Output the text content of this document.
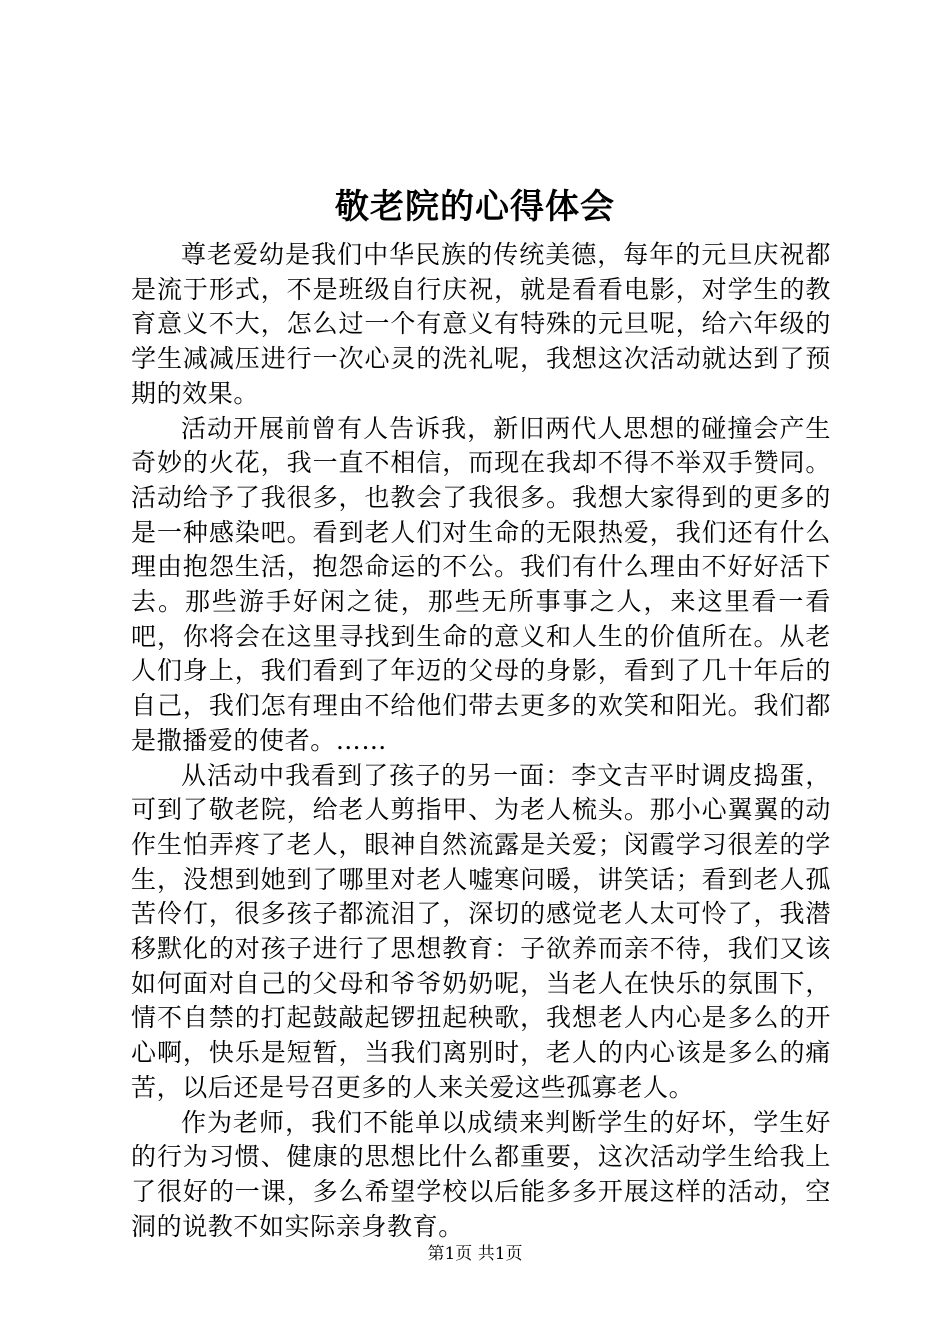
敬老院的心得体会

尊老爱幼是我们中华民族的传统美德，每年的元旦庆祝都是流于形式，不是班级自行庆祝，就是看看电影，对学生的教育意义不大，怎么过一个有意义有特殊的元旦呢，给六年级的学生减减压进行一次心灵的洗礼呢，我想这次活动就达到了预期的效果。

活动开展前曾有人告诉我，新旧两代人思想的碰撞会产生奇妙的火花，我一直不相信，而现在我却不得不举双手赞同。活动给予了我很多，也教会了我很多。我想大家得到的更多的是一种感染吧。看到老人们对生命的无限热爱，我们还有什么理由抱怨生活，抱怨命运的不公。我们有什么理由不好好活下去。那些游手好闲之徒，那些无所事事之人，来这里看一看吧，你将会在这里寻找到生命的意义和人生的价值所在。从老人们身上，我们看到了年迈的父母的身影，看到了几十年后的自己，我们怎有理由不给他们带去更多的欢笑和阳光。我们都是撒播爱的使者。……

从活动中我看到了孩子的另一面：李文吉平时调皮捣蛋，可到了敬老院，给老人剪指甲、为老人梳头。那小心翼翼的动作生怕弄疼了老人，眼神自然流露是关爱；闵霞学习很差的学生，没想到她到了哪里对老人嘘寒问暖，讲笑话；看到老人孤苦伶仃，很多孩子都流泪了，深切的感觉老人太可怜了，我潜移默化的对孩子进行了思想教育：子欲养而亲不待，我们又该如何面对自己的父母和爷爷奶奶呢，当老人在快乐的氛围下，情不自禁的打起鼓敲起锣扭起秧歌，我想老人内心是多么的开心啊，快乐是短暂，当我们离别时，老人的内心该是多么的痛苦，以后还是号召更多的人来关爱这些孤寡老人。

作为老师，我们不能单以成绩来判断学生的好坏，学生好的行为习惯、健康的思想比什么都重要，这次活动学生给我上了很好的一课，多么希望学校以后能多多开展这样的活动，空洞的说教不如实际亲身教育。

第1页 共1页
